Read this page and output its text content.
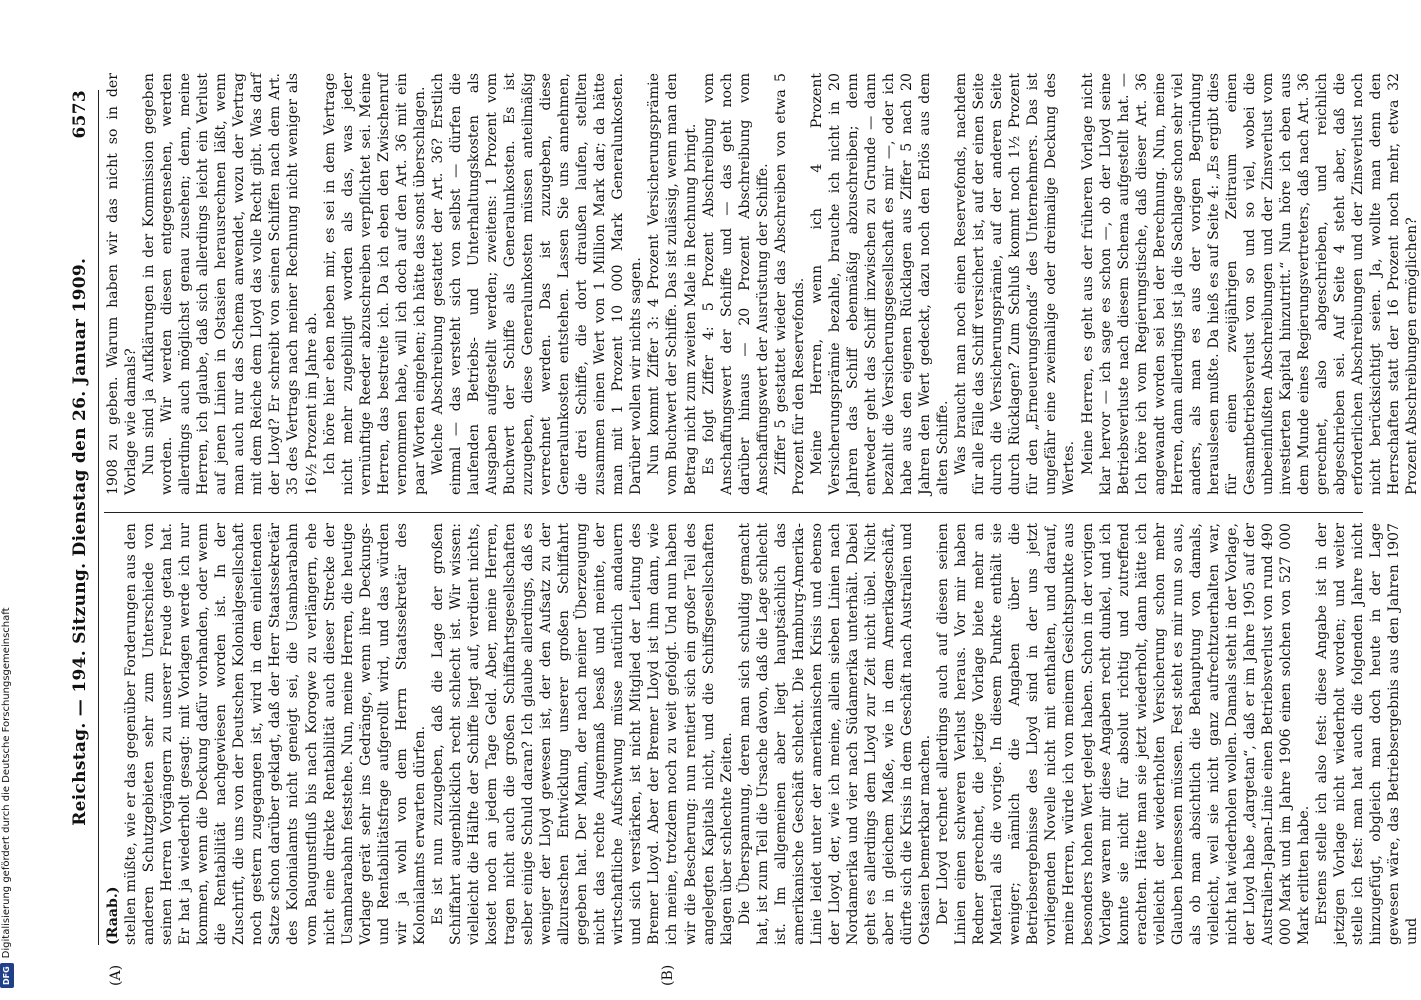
Reichstag. — 194. Sitzung. Dienstag den 26. Januar 1909.
6573
(A)	(B)

(Raab.) stellen müßte, wie er das gegenüber Forderungen aus den anderen Schutzgebieten sehr zum Unterschiede von seinen Herren Vorgängern zu unserer Freude getan hat. Er hat ja wiederholt gesagt: mit Vorlagen werde ich nur kommen, wenn die Deckung dafür vorhanden, oder wenn die Rentabilität nachgewiesen worden ist. In der Zuschrift, die uns von der Deutschen Kolonialgesellschaft noch gestern zugegangen ist, wird in dem einleitenden Satze schon darüber geklagt, daß der Herr Staatssekretär des Kolonialamts nicht geneigt sei, die Usambarabahn vom Baugunstfluß bis nach Korogwe zu verlängern, ehe nicht eine direkte Rentabilität auch dieser Strecke der Usambarabahn feststehe. Nun, meine Herren, die heutige Vorlage gerät sehr ins Gedränge, wenn ihre Deckungs- und Rentabilitätsfrage aufgerollt wird, und das würden wir ja wohl von dem Herrn Staatssekretär des Kolonialamts erwarten dürfen. Es ist nun zuzugeben, daß die Lage der großen Schiffahrt augenblicklich recht schlecht ist. Wir wissen: vielleicht die Hälfte der Schiffe liegt auf, verdient nichts, kostet noch an jedem Tage Geld. Aber, meine Herren, tragen nicht auch die großen Schiffahrtsgesellschaften selber einige Schuld daran? Ich glaube allerdings, daß es weniger der Lloyd gewesen ist, der den Aufsatz zu der allzuraschen Entwicklung unserer großen Schiffahrt gegeben hat. Der Mann, der nach meiner Überzeugung nicht das rechte Augenmaß besaß und meinte, der wirtschaftliche Aufschwung müsse natürlich andauern und sich verstärken, ist nicht Mitglied der Leitung des Bremer Lloyd. Aber der Bremer Lloyd ist ihm dann, wie ich meine, trotzdem noch zu weit gefolgt. Und nun haben wir die Bescherung: nun rentiert sich ein großer Teil des angelegten Kapitals nicht, und die Schiffsgesellschaften klagen über schlechte Zeiten. Die Überspannung, deren man sich schuldig gemacht hat, ist zum Teil die Ursache davon, daß die Lage schlecht ist. Im allgemeinen aber liegt hauptsächlich das amerikanische Geschäft schlecht. Die Hamburg-Amerika-Linie leidet unter der amerikanischen Krisis und ebenso der Lloyd, der, wie ich meine, allein sieben Linien nach Nordamerika und vier nach Südamerika unterhält. Dabei geht es allerdings dem Lloyd zur Zeit nicht übel. Nicht aber in gleichem Maße, wie in dem Amerikageschäft, dürfte sich die Krisis in dem Geschäft nach Australien und Ostasien bemerkbar machen. Der Lloyd rechnet allerdings auch auf diesen seinen Linien einen schweren Verlust heraus. Vor mir haben Redner gerechnet, die jetzige Vorlage biete mehr an Material als die vorige. In diesem Punkte enthält sie weniger; nämlich die Angaben über die Betriebsergebnisse des Lloyd sind in der uns jetzt vorliegenden Novelle nicht mit enthalten, und darauf, meine Herren, würde ich von meinem Gesichtspunkte aus besonders hohen Wert gelegt haben. Schon in der vorigen Vorlage waren mir diese Angaben recht dunkel, und ich konnte sie nicht für absolut richtig und zutreffend erachten. Hätte man sie jetzt wiederholt, dann hätte ich vielleicht der wiederholten Versicherung schon mehr Glauben beimessen müssen. Fest steht es mir nun so aus, als ob man absichtlich die Behauptung von damals, vielleicht, weil sie nicht ganz aufrechtzuerhalten war, nicht hat wiederholen wollen. Damals steht in der Vorlage, der Lloyd habe „dargetan“, daß er im Jahre 1905 auf der Australien-Japan-Linie einen Betriebsverlust von rund 490 000 Mark und im Jahre 1906 einen solchen von 527 000 Mark erlitten habe. Erstens stelle ich also fest: diese Angabe ist in der jetzigen Vorlage nicht wiederholt worden; und weiter stelle ich fest: man hat auch die folgenden Jahre nicht hinzugefügt, obgleich man doch heute in der Lage gewesen wäre, das Betriebsergebnis aus den Jahren 1907 und

1908 zu geben. Warum haben wir das nicht so in der Vorlage wie damals? Nun sind ja Aufklärungen in der Kommission gegeben worden. Wir werden diesen entgegensehen, werden allerdings auch möglichst genau zusehen; denn, meine Herren, ich glaube, daß sich allerdings leicht ein Verlust auf jenen Linien in Ostasien herausrechnen läßt, wenn man auch nur das Schema anwendet, wozu der Vertrag mit dem Reiche dem Lloyd das volle Recht gibt. Was darf der Lloyd? Er schreibt von seinen Schiffen nach dem Art. 35 des Vertrags nach meiner Rechnung nicht weniger als 16½ Prozent im Jahre ab. Ich höre hier eben neben mir, es sei in dem Vertrage nicht mehr zugebilligt worden als das, was jeder vernünftige Reeder abzuschreiben verpflichtet sei. Meine Herren, das bestreite ich. Da ich eben den Zwischenruf vernommen habe, will ich doch auf den Art. 36 mit ein paar Worten eingehen; ich hätte das sonst überschlagen. Welche Abschreibung gestattet der Art. 36? Erstlich einmal — das versteht sich von selbst — dürfen die laufenden Betriebs- und Unterhaltungskosten als Ausgaben aufgestellt werden; zweitens: 1 Prozent vom Buchwert der Schiffe als Generalunkosten. Es ist zuzugeben, diese Generalunkosten müssen anteilmäßig verrechnet werden. Das ist zuzugeben, diese Generalunkosten entstehen. Lassen Sie uns annehmen, die drei Schiffe, die dort draußen laufen, stellten zusammen einen Wert von 1 Million Mark dar; da hätte man mit 1 Prozent 10 000 Mark Generalunkosten. Darüber wollen wir nichts sagen. Nun kommt Ziffer 3: 4 Prozent Versicherungsprämie vom Buchwert der Schiffe. Das ist zulässig, wenn man den Betrag nicht zum zweiten Male in Rechnung bringt. Es folgt Ziffer 4: 5 Prozent Abschreibung vom Anschaffungswert der Schiffe und — das geht noch darüber hinaus — 20 Prozent Abschreibung vom Anschaffungswert der Ausrüstung der Schiffe. Ziffer 5 gestattet wieder das Abschreiben von etwa 5 Prozent für den Reservefonds. Meine Herren, wenn ich 4 Prozent Versicherungsprämie bezahle, brauche ich nicht in 20 Jahren das Schiff ebenmäßig abzuschreiben; denn entweder geht das Schiff inzwischen zu Grunde — dann bezahlt die Versicherungsgesellschaft es mir —, oder ich habe aus den eigenen Rücklagen aus Ziffer 5 nach 20 Jahren den Wert gedeckt, dazu noch den Erlös aus dem alten Schiffe. Was braucht man noch einen Reservefonds, nachdem für alle Fälle das Schiff versichert ist, auf der einen Seite durch die Versicherungsprämie, auf der anderen Seite durch Rücklagen? Zum Schluß kommt noch 1½ Prozent für den „Erneuerungsfonds“ des Unternehmers. Das ist ungefähr eine zweimalige oder dreimalige Deckung des Wertes. Meine Herren, es geht aus der früheren Vorlage nicht klar hervor — ich sage es schon —, ob der Lloyd seine Betriebsverluste nach diesem Schema aufgestellt hat. — Ich höre ich vom Regierungstische, daß dieser Art. 36 angewandt worden sei bei der Berechnung. Nun, meine Herren, dann allerdings ist ja die Sachlage schon sehr viel anders, als man es aus der vorigen Begründung herauslesen mußte. Da hieß es auf Seite 4: „Es ergibt dies für einen zweijährigen Zeitraum einen Gesamtbetriebsverlust von so und so viel, wobei die unbeeinflußten Abschreibungen und der Zinsverlust vom investierten Kapital hinzutritt.“ Nun höre ich eben aus dem Munde eines Regierungsvertreters, daß nach Art. 36 gerechnet, also abgeschrieben, und reichlich abgeschrieben sei. Auf Seite 4 steht aber, daß die erforderlichen Abschreibungen und der Zinsverlust noch nicht berücksichtigt seien. Ja, wollte man denn den Herrschaften statt der 16 Prozent noch mehr, etwa 32 Prozent Abschreibungen ermöglichen?

DFGDigitalisierung gefördert durch die Deutsche Forschungsgemeinschaft
